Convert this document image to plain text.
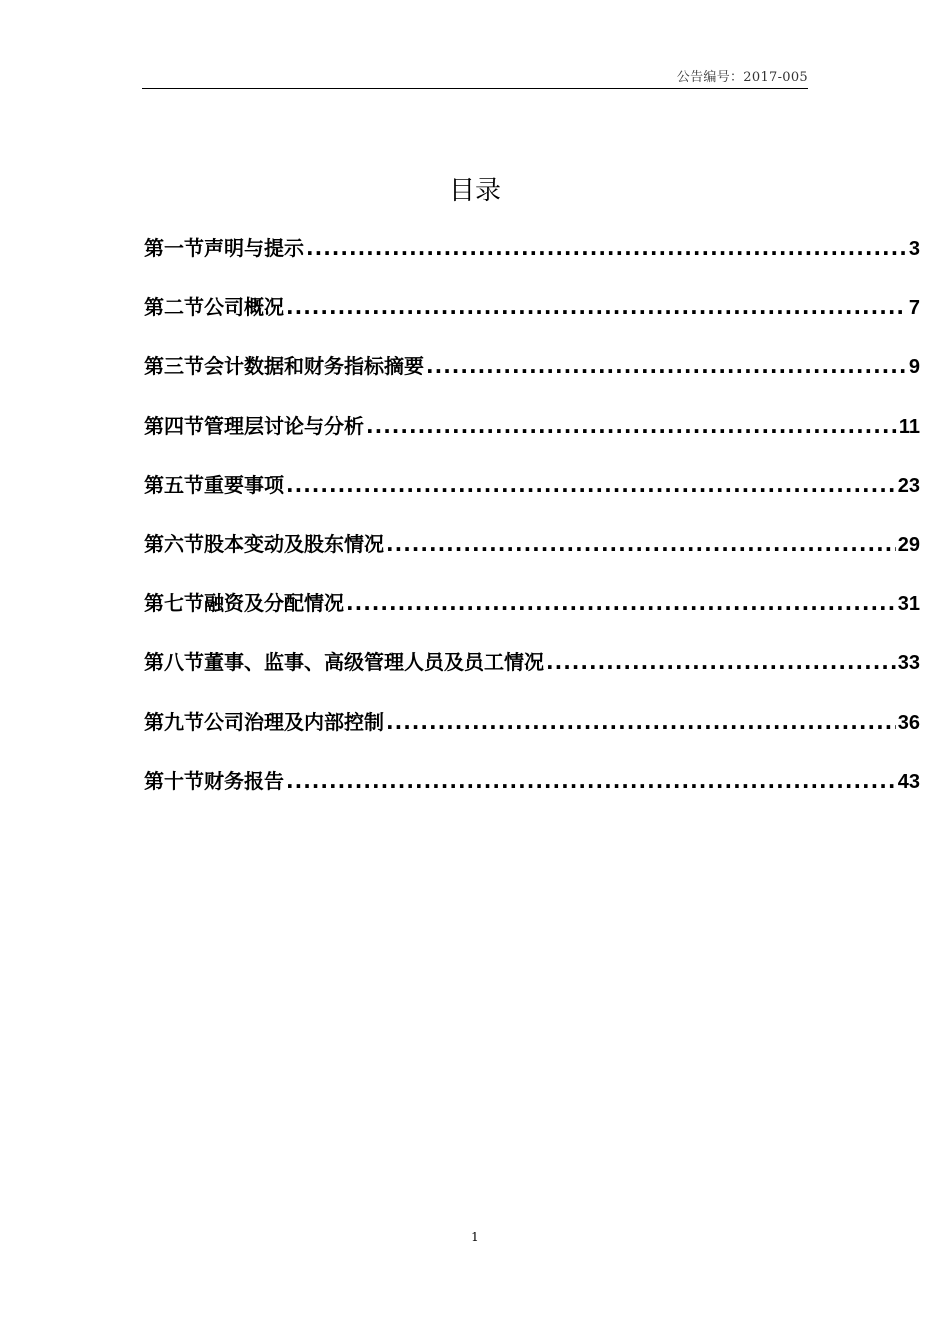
公告编号：2017-005
目录
第一节声明与提示 .....	3
第二节公司概况 .....	7
第三节会计数据和财务指标摘要 .....	9
第四节管理层讨论与分析 .....	11
第五节重要事项 .....	23
第六节股本变动及股东情况 .....	29
第七节融资及分配情况 .....	31
第八节董事、监事、高级管理人员及员工情况 .....	33
第九节公司治理及内部控制 .....	36
第十节财务报告 .....	43
1
